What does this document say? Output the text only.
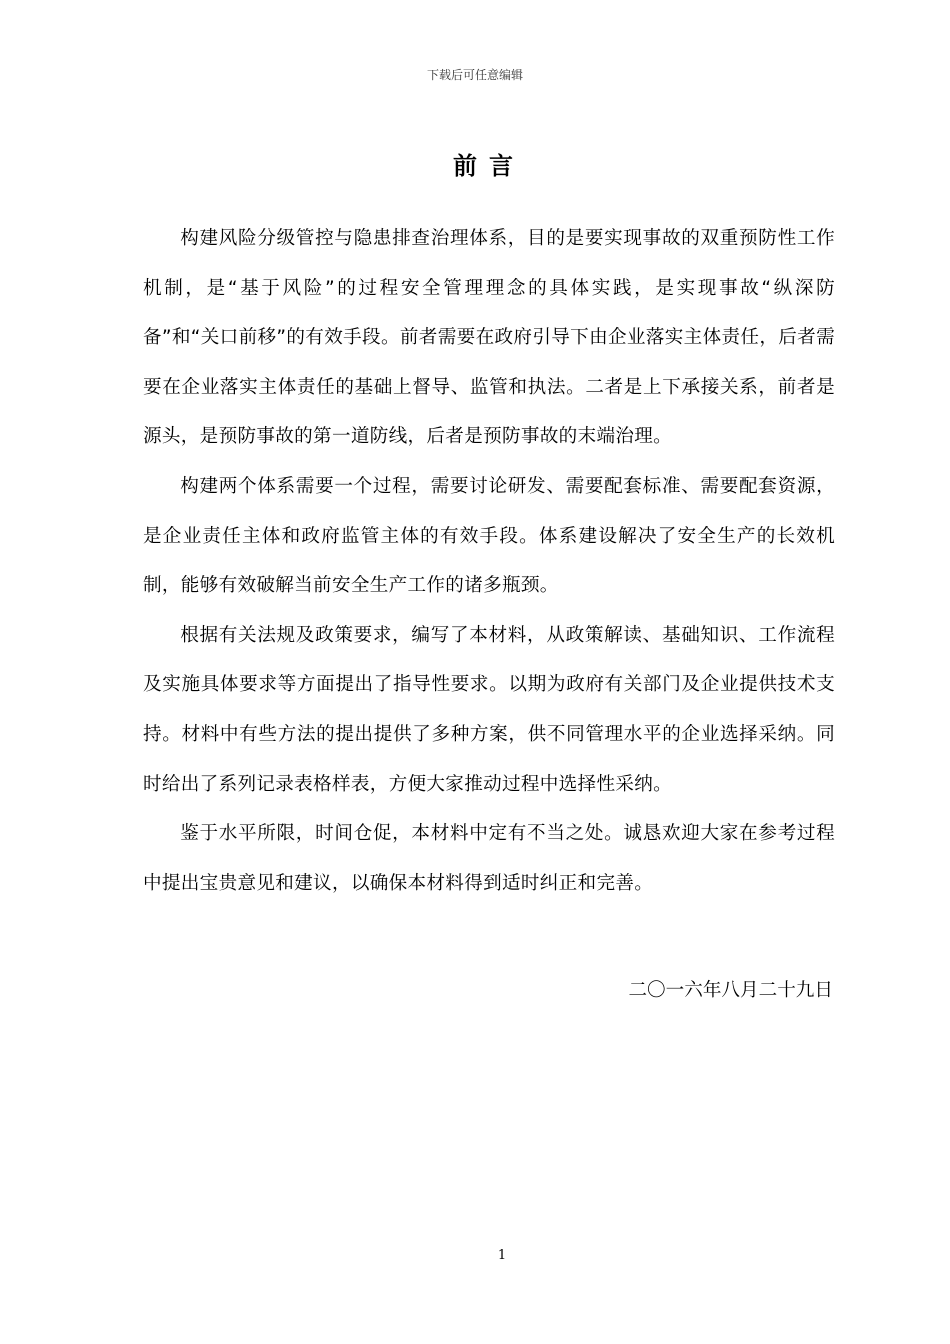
下载后可任意编辑
前言

构建风险分级管控与隐患排查治理体系，目的是要实现事故的双重预防性工作机制，是“基于风险”的过程安全管理理念的具体实践，是实现事故“纵深防备”和“关口前移”的有效手段。前者需要在政府引导下由企业落实主体责任，后者需要在企业落实主体责任的基础上督导、监管和执法。二者是上下承接关系，前者是源头，是预防事故的第一道防线，后者是预防事故的末端治理。

构建两个体系需要一个过程，需要讨论研发、需要配套标准、需要配套资源，是企业责任主体和政府监管主体的有效手段。体系建设解决了安全生产的长效机制，能够有效破解当前安全生产工作的诸多瓶颈。

根据有关法规及政策要求，编写了本材料，从政策解读、基础知识、工作流程及实施具体要求等方面提出了指导性要求。以期为政府有关部门及企业提供技术支持。材料中有些方法的提出提供了多种方案，供不同管理水平的企业选择采纳。同时给出了系列记录表格样表，方便大家推动过程中选择性采纳。

鉴于水平所限，时间仓促，本材料中定有不当之处。诚恳欢迎大家在参考过程中提出宝贵意见和建议，以确保本材料得到适时纠正和完善。

二〇一六年八月二十九日
1
